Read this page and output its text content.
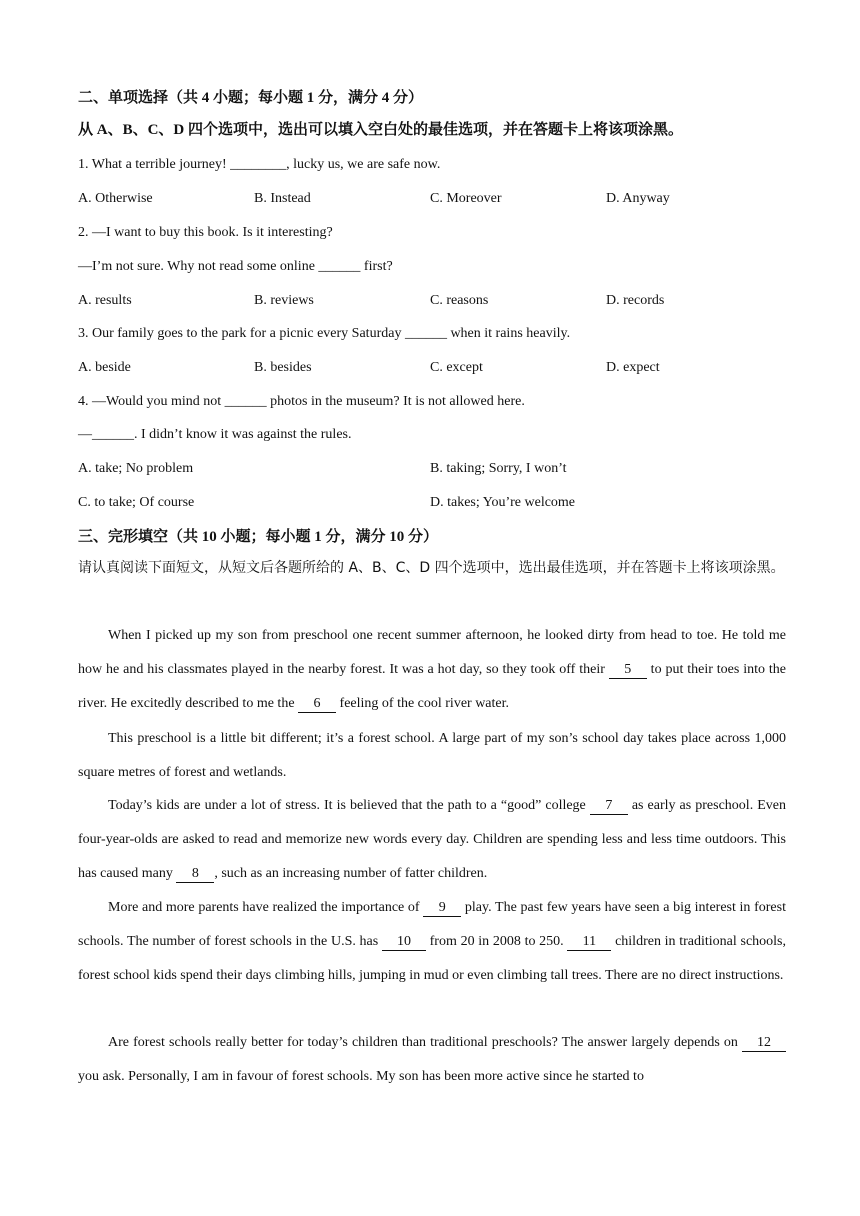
二、单项选择（共 4 小题；每小题 1 分，满分 4 分）
从 A、B、C、D 四个选项中，选出可以填入空白处的最佳选项，并在答题卡上将该项涂黑。
1. What a terrible journey! ________, lucky us, we are safe now.
A. Otherwise	B. Instead	C. Moreover	D. Anyway
2. —I want to buy this book. Is it interesting?
—I’m not sure. Why not read some online ______ first?
A. results	B. reviews	C. reasons	D. records
3. Our family goes to the park for a picnic every Saturday ______ when it rains heavily.
A. beside	B. besides	C. except	D. expect
4. —Would you mind not ______ photos in the museum? It is not allowed here.
—______. I didn’t know it was against the rules.
A. take; No problem	B. taking; Sorry, I won’t
C. to take; Of course	D. takes; You’re welcome
三、完形填空（共 10 小题；每小题 1 分，满分 10 分）
请认真阅读下面短文，从短文后各题所给的 A、B、C、D 四个选项中，选出最佳选项，并在答题卡上将该项涂黑。

When I picked up my son from preschool one recent summer afternoon, he looked dirty from head to toe. He told me how he and his classmates played in the nearby forest. It was a hot day, so they took off their 5 to put their toes into the river. He excitedly described to me the 6 feeling of the cool river water.

This preschool is a little bit different; it’s a forest school. A large part of my son’s school day takes place across 1,000 square metres of forest and wetlands.

Today’s kids are under a lot of stress. It is believed that the path to a “good” college 7 as early as preschool. Even four-year-olds are asked to read and memorize new words every day. Children are spending less and less time outdoors. This has caused many 8 , such as an increasing number of fatter children.

More and more parents have realized the importance of 9 play. The past few years have seen a big interest in forest schools. The number of forest schools in the U.S. has 10 from 20 in 2008 to 250. 11 children in traditional schools, forest school kids spend their days climbing hills, jumping in mud or even climbing tall trees. There are no direct instructions.

Are forest schools really better for today’s children than traditional preschools? The answer largely depends on 12 you ask. Personally, I am in favour of forest schools. My son has been more active since he started to
